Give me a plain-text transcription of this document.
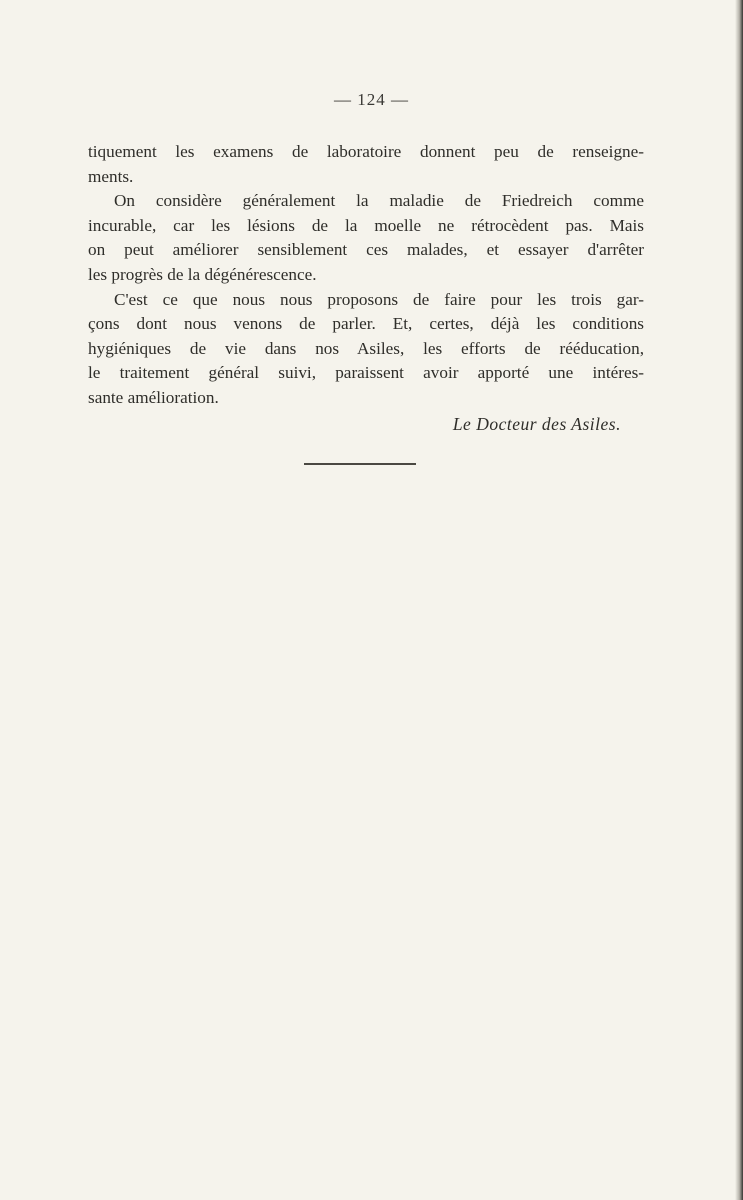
— 124 —
tiquement les examens de laboratoire donnent peu de renseigne-
ments.
On considère généralement la maladie de Friedreich comme
incurable, car les lésions de la moelle ne rétrocèdent pas. Mais
on peut améliorer sensiblement ces malades, et essayer d'arrêter
les progrès de la dégénérescence.
C'est ce que nous nous proposons de faire pour les trois gar-
çons dont nous venons de parler. Et, certes, déjà les conditions
hygiéniques de vie dans nos Asiles, les efforts de rééducation,
le traitement général suivi, paraissent avoir apporté une intéres-
sante amélioration.
Le Docteur des Asiles.
